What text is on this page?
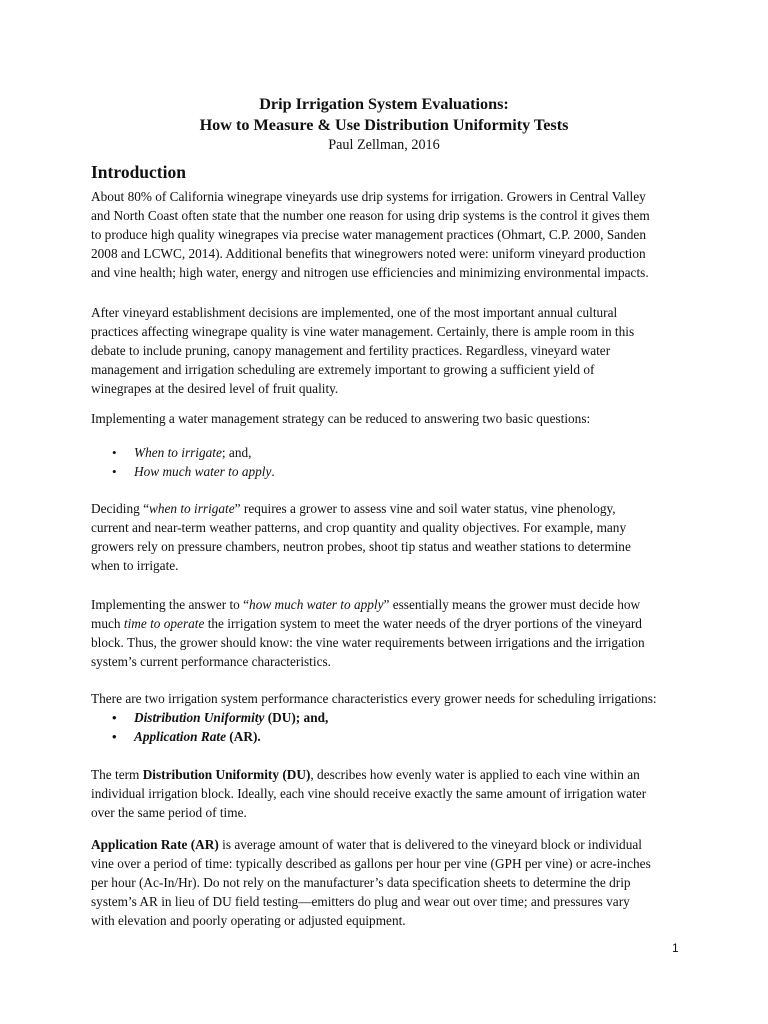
Drip Irrigation System Evaluations:
How to Measure & Use Distribution Uniformity Tests
Paul Zellman, 2016
Introduction
About 80% of California winegrape vineyards use drip systems for irrigation. Growers in Central Valley
and North Coast often state that the number one reason for using drip systems is the control it gives them
to produce high quality winegrapes via precise water management practices (Ohmart, C.P. 2000, Sanden
2008 and LCWC, 2014). Additional benefits that winegrowers noted were: uniform vineyard production
and vine health; high water, energy and nitrogen use efficiencies and minimizing environmental impacts.
After vineyard establishment decisions are implemented, one of the most important annual cultural
practices affecting winegrape quality is vine water management. Certainly, there is ample room in this
debate to include pruning, canopy management and fertility practices. Regardless, vineyard water
management and irrigation scheduling are extremely important to growing a sufficient yield of
winegrapes at the desired level of fruit quality.
Implementing a water management strategy can be reduced to answering two basic questions:
• When to irrigate; and,
• How much water to apply.
Deciding “when to irrigate” requires a grower to assess vine and soil water status, vine phenology,
current and near-term weather patterns, and crop quantity and quality objectives. For example, many
growers rely on pressure chambers, neutron probes, shoot tip status and weather stations to determine
when to irrigate.
Implementing the answer to “how much water to apply” essentially means the grower must decide how
much time to operate the irrigation system to meet the water needs of the dryer portions of the vineyard
block. Thus, the grower should know: the vine water requirements between irrigations and the irrigation
system’s current performance characteristics.
There are two irrigation system performance characteristics every grower needs for scheduling irrigations:
• Distribution Uniformity (DU); and,
• Application Rate (AR).
The term Distribution Uniformity (DU), describes how evenly water is applied to each vine within an
individual irrigation block. Ideally, each vine should receive exactly the same amount of irrigation water
over the same period of time.
Application Rate (AR) is average amount of water that is delivered to the vineyard block or individual
vine over a period of time: typically described as gallons per hour per vine (GPH per vine) or acre-inches
per hour (Ac-In/Hr). Do not rely on the manufacturer’s data specification sheets to determine the drip
system’s AR in lieu of DU field testing—emitters do plug and wear out over time; and pressures vary
with elevation and poorly operating or adjusted equipment.
1
